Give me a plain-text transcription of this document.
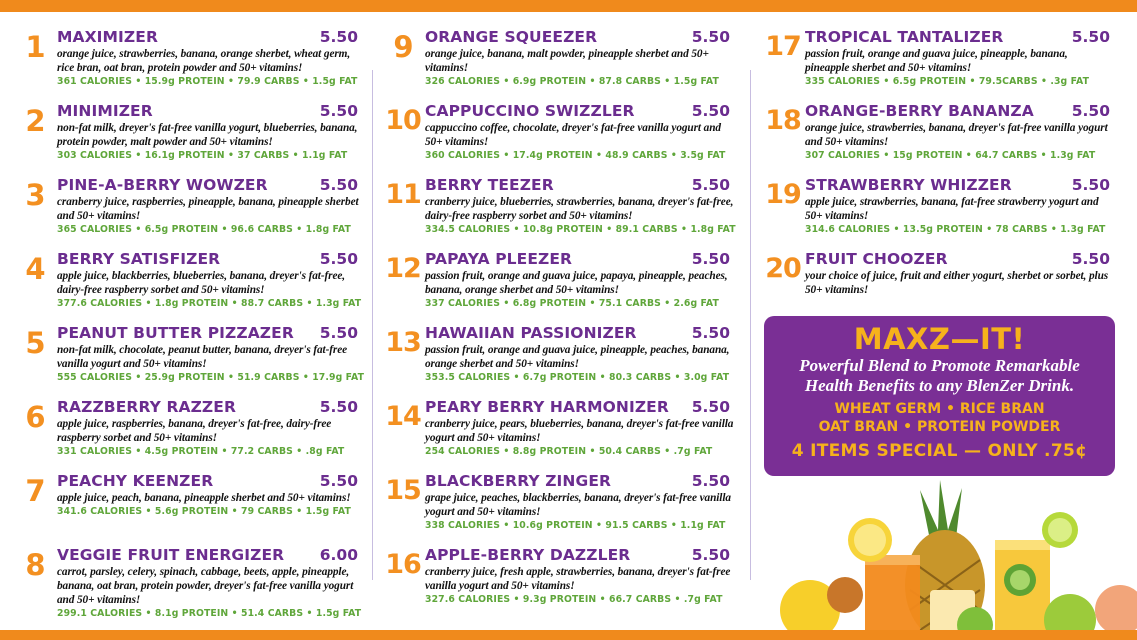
1 MAXIMIZER	5.50
orange juice, strawberries, banana, orange sherbet, wheat germ, rice bran, oat bran, protein powder and 50+ vitamins!
361 CALORIES • 15.9g PROTEIN • 79.9 CARBS • 1.5g FAT
2 MINIMIZER	5.50
non-fat milk, dreyer's fat-free vanilla yogurt, blueberries, banana, protein powder, malt powder and 50+ vitamins!
303 CALORIES • 16.1g PROTEIN • 37 CARBS • 1.1g FAT
3 PINE-A-BERRY WOWZER	5.50
cranberry juice, raspberries, pineapple, banana, pineapple sherbet and 50+ vitamins!
365 CALORIES • 6.5g PROTEIN • 96.6 CARBS • 1.8g FAT
4 BERRY SATISFIZER	5.50
apple juice, blackberries, blueberries, banana, dreyer's fat-free, dairy-free raspberry sorbet and 50+ vitamins!
377.6 CALORIES • 1.8g PROTEIN • 88.7 CARBS • 1.3g FAT
5 PEANUT BUTTER PIZZAZER 5.50
non-fat milk, chocolate, peanut butter, banana, dreyer's fat-free vanilla yogurt and 50+ vitamins!
555 CALORIES • 25.9g PROTEIN • 51.9 CARBS • 17.9g FAT
6 RAZZBERRY RAZZER	5.50
apple juice, raspberries, banana, dreyer's fat-free, dairy-free raspberry sorbet and 50+ vitamins!
331 CALORIES • 4.5g PROTEIN • 77.2 CARBS • .8g FAT
7 PEACHY KEENZER	5.50
apple juice, peach, banana, pineapple sherbet and 50+ vitamins!
341.6 CALORIES • 5.6g PROTEIN • 79 CARBS • 1.5g FAT
8 VEGGIE FRUIT ENERGIZER 6.00
carrot, parsley, celery, spinach, cabbage, beets, apple, pineapple, banana, oat bran, protein powder, dreyer's fat-free vanilla yogurt and 50+ vitamins!
299.1 CALORIES • 8.1g PROTEIN • 51.4 CARBS • 1.5g FAT
9 ORANGE SQUEEZER	5.50
orange juice, banana, malt powder, pineapple sherbet and 50+ vitamins!
326 CALORIES • 6.9g PROTEIN • 87.8 CARBS • 1.5g FAT
10 CAPPUCCINO SWIZZLER	5.50
cappuccino coffee, chocolate, dreyer's fat-free vanilla yogurt and 50+ vitamins!
360 CALORIES • 17.4g PROTEIN • 48.9 CARBS • 3.5g FAT
11 BERRY TEEZER	5.50
cranberry juice, blueberries, strawberries, banana, dreyer's fat-free, dairy-free raspberry sorbet and 50+ vitamins!
334.5 CALORIES • 10.8g PROTEIN • 89.1 CARBS • 1.8g FAT
12 PAPAYA PLEEZER	5.50
passion fruit, orange and guava juice, papaya, pineapple, peaches, banana, orange sherbet and 50+ vitamins!
337 CALORIES • 6.8g PROTEIN • 75.1 CARBS • 2.6g FAT
13 HAWAIIAN PASSIONIZER	5.50
passion fruit, orange and guava juice, pineapple, peaches, banana, orange sherbet and 50+ vitamins!
353.5 CALORIES • 6.7g PROTEIN • 80.3 CARBS • 3.0g FAT
14 PEARY BERRY HARMONIZER 5.50
cranberry juice, pears, blueberries, banana, dreyer's fat-free vanilla yogurt and 50+ vitamins!
254 CALORIES • 8.8g PROTEIN • 50.4 CARBS • .7g FAT
15 BLACKBERRY ZINGER	5.50
grape juice, peaches, blackberries, banana, dreyer's fat-free vanilla yogurt and 50+ vitamins!
338 CALORIES • 10.6g PROTEIN • 91.5 CARBS • 1.1g FAT
16 APPLE-BERRY DAZZLER	5.50
cranberry juice, fresh apple, strawberries, banana, dreyer's fat-free vanilla yogurt and 50+ vitamins!
327.6 CALORIES • 9.3g PROTEIN • 66.7 CARBS • .7g FAT
17 TROPICAL TANTALIZER	5.50
passion fruit, orange and guava juice, pineapple, banana, pineapple sherbet and 50+ vitamins!
335 CALORIES • 6.5g PROTEIN • 79.5CARBS • .3g FAT
18 ORANGE-BERRY BANANZA 5.50
orange juice, strawberries, banana, dreyer's fat-free vanilla yogurt and 50+ vitamins!
307 CALORIES • 15g PROTEIN • 64.7 CARBS • 1.3g FAT
19 STRAWBERRY WHIZZER	5.50
apple juice, strawberries, banana, fat-free strawberry yogurt and 50+ vitamins!
314.6 CALORIES • 13.5g PROTEIN • 78 CARBS • 1.3g FAT
20 FRUIT CHOOZER	5.50
your choice of juice, fruit and either yogurt, sherbet or sorbet, plus 50+ vitamins!
MAXZ—IT!
Powerful Blend to Promote Remarkable
Health Benefits to any BlenZer Drink.
WHEAT GERM • RICE BRAN
OAT BRAN • PROTEIN POWDER
4 ITEMS SPECIAL — ONLY .75¢
